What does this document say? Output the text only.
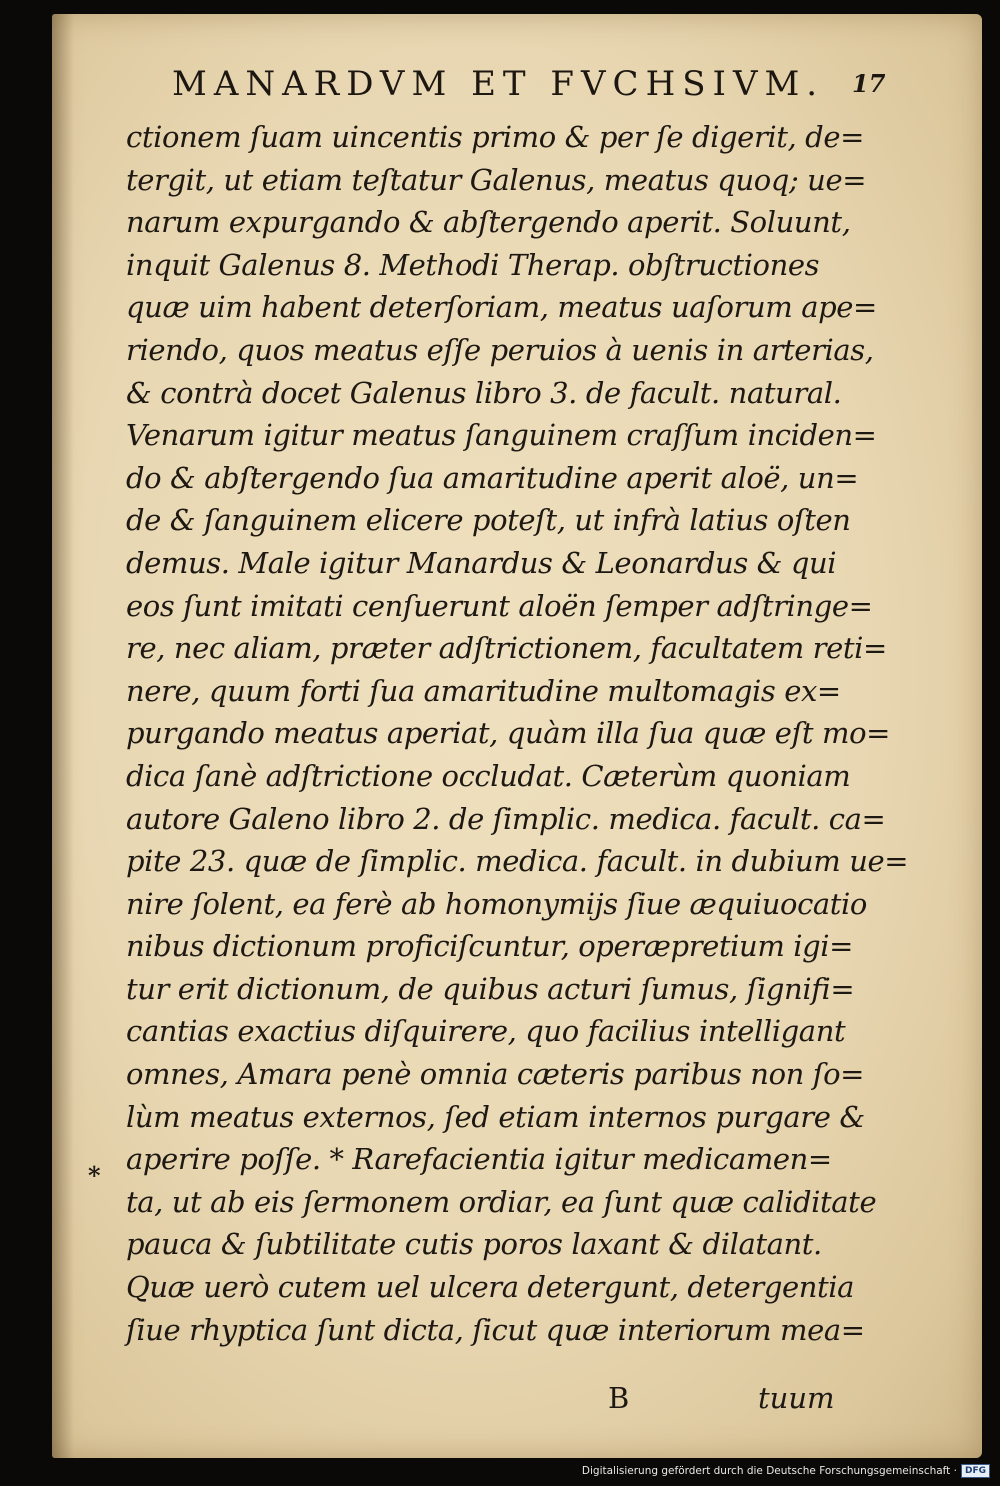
MANARDVM ET FVCHSIVM.	17
*
ctionem ſuam uincentis primo & per ſe digerit, de=
tergit, ut etiam teſtatur Galenus, meatus quoq; ue=
narum expurgando & abſtergendo aperit. Soluunt,
inquit Galenus 8. Methodi Therap. obſtructiones
quæ uim habent deterſoriam, meatus uaſorum ape=
riendo, quos meatus eſſe peruios à uenis in arterias,
& contrà docet Galenus libro 3. de facult. natural.
Venarum igitur meatus ſanguinem craſſum inciden=
do & abſtergendo ſua amaritudine aperit aloë, un=
de & ſanguinem elicere poteſt, ut infrà latius oſten
demus. Male igitur Manardus & Leonardus & qui
eos ſunt imitati cenſuerunt aloën ſemper adſtringe=
re, nec aliam, præter adſtrictionem, facultatem reti=
nere, quum forti ſua amaritudine multomagis ex=
purgando meatus aperiat, quàm illa ſua quæ eſt mo=
dica ſanè adſtrictione occludat. Cæterùm quoniam
autore Galeno libro 2. de ſimplic. medica. facult. ca=
pite 23. quæ de ſimplic. medica. facult. in dubium ue=
nire ſolent, ea ferè ab homonymijs ſiue æquiuocatio
nibus dictionum proficiſcuntur, operæpretium igi=
tur erit dictionum, de quibus acturi ſumus, ſignifi=
cantias exactius diſquirere, quo facilius intelligant
omnes, Amara penè omnia cæteris paribus non ſo=
lùm meatus externos, ſed etiam internos purgare &
aperire poſſe. * Rarefacientia igitur medicamen=
ta, ut ab eis ſermonem ordiar, ea ſunt quæ caliditate
pauca & ſubtilitate cutis poros laxant & dilatant.
Quæ uerò cutem uel ulcera detergunt, detergentia
ſiue rhyptica ſunt dicta, ſicut quæ interiorum mea=
B	tuum
Digitalisierung gefördert durch die Deutsche Forschungsgemeinschaft · DFG
